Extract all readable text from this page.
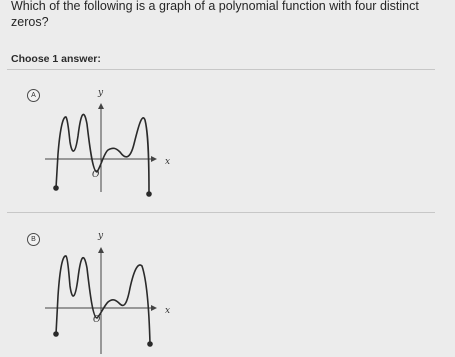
Which of the following is a graph of a polynomial function with four distinct zeros?

Choose 1 answer:
A	y
x
O
B	y
x
O
